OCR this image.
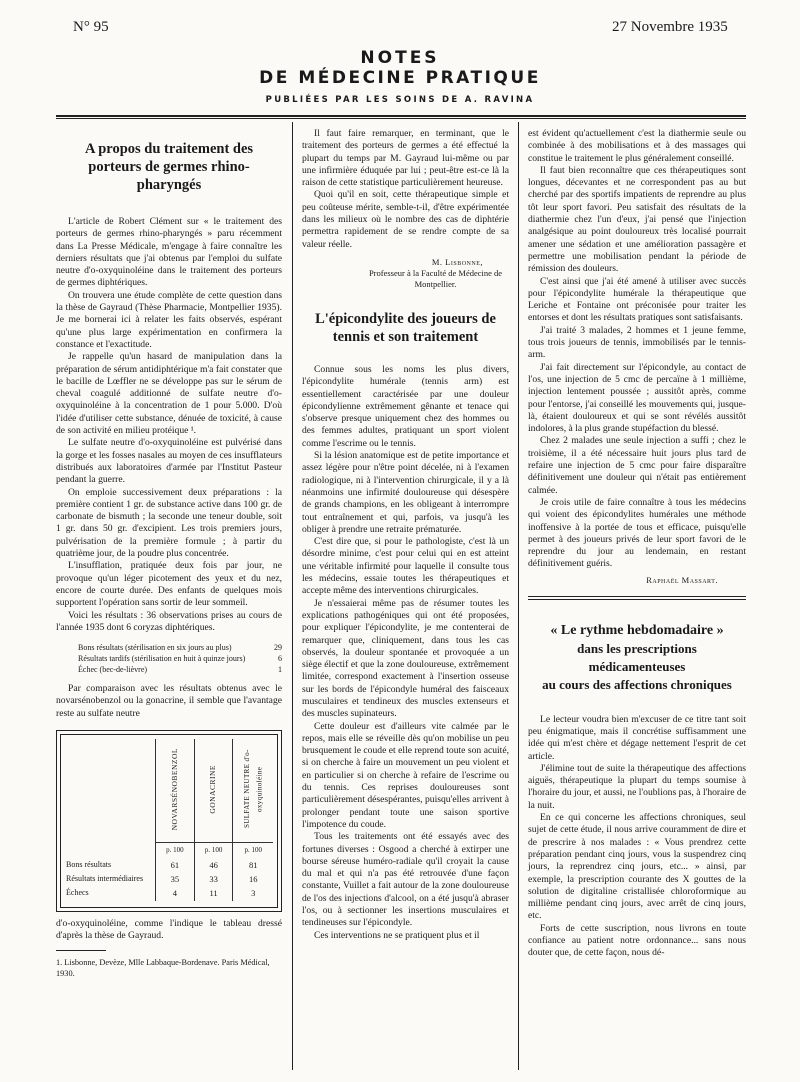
N° 95	27 Novembre 1935
NOTES
DE MÉDECINE PRATIQUE
PUBLIÉES PAR LES SOINS DE A. RAVINA
A propos du traitement des porteurs de germes rhino-pharyngés

L'article de Robert Clément sur « le traitement des porteurs de germes rhino-pharyngés » paru récemment dans La Presse Médicale, m'engage à faire connaître les derniers résultats que j'ai obtenus par l'emploi du sulfate neutre d'o-oxyquinoléine dans le traitement des porteurs de germes diphtériques.

On trouvera une étude complète de cette question dans la thèse de Gayraud (Thèse Pharmacie, Montpellier 1935). Je me bornerai ici à relater les faits observés, espérant qu'une plus large expérimentation en confirmera la constance et l'exactitude.

Je rappelle qu'un hasard de manipulation dans la préparation de sérum antidiphtérique m'a fait constater que le bacille de Lœffler ne se développe pas sur le sérum de cheval coagulé additionné de sulfate neutre d'o-oxyquinoléine à la concentration de 1 pour 5.000. D'où l'idée d'utiliser cette substance, dénuée de toxicité, à cause de son activité en milieu protéique ¹.

Le sulfate neutre d'o-oxyquinoléine est pulvérisé dans la gorge et les fosses nasales au moyen de ces insufflateurs distribués aux laboratoires d'armée par l'Institut Pasteur pendant la guerre.

On emploie successivement deux préparations : la première contient 1 gr. de substance active dans 100 gr. de carbonate de bismuth ; la seconde une teneur double, soit 1 gr. dans 50 gr. d'excipient. Les trois premiers jours, pulvérisation de la première formule ; à partir du quatrième jour, de la poudre plus concentrée.

L'insufflation, pratiquée deux fois par jour, ne provoque qu'un léger picotement des yeux et du nez, encore de courte durée. Des enfants de quelques mois supportent l'opération sans sortir de leur sommeil.

Voici les résultats : 36 observations prises au cours de l'année 1935 dont 6 coryzas diphtériques.

Bons résultats (stérilisation en six jours au plus)	29
Résultats tardifs (stérilisation en huit à quinze jours)	6
Échec (bec-de-lièvre)	1

Par comparaison avec les résultats obtenus avec le novarsénobenzol ou la gonacrine, il semble que l'avantage reste au sulfate neutre

	NOVARSÉNOBENZOL	GONACRINE	SULFATE NEUTRE d'o-oxyquinoléine
	p. 100	p. 100	p. 100
Bons résultats	61	46	81
Résultats intermédiaires	35	33	16
Échecs	4	11	3

d'o-oxyquinoléine, comme l'indique le tableau dressé d'après la thèse de Gayraud.

1. Lisbonne, Devèze, Mlle Labbaque-Bordenave. Paris Médical, 1930.

Il faut faire remarquer, en terminant, que le traitement des porteurs de germes a été effectué la plupart du temps par M. Gayraud lui-même ou par une infirmière éduquée par lui ; peut-être est-ce là la raison de cette statistique particulièrement heureuse.

Quoi qu'il en soit, cette thérapeutique simple et peu coûteuse mérite, semble-t-il, d'être expérimentée dans les milieux où le nombre des cas de diphtérie permettra rapidement de se rendre compte de sa valeur réelle.

M. Lisbonne,

Professeur à la Faculté de Médecine de Montpellier.

L'épicondylite des joueurs de tennis et son traitement

Connue sous les noms les plus divers, l'épicondylite humérale (tennis arm) est essentiellement caractérisée par une douleur épicondylienne extrêmement gênante et tenace qui s'observe presque uniquement chez des hommes ou des femmes adultes, pratiquant un sport violent comme l'escrime ou le tennis.

Si la lésion anatomique est de petite importance et assez légère pour n'être point décelée, ni à l'examen radiologique, ni à l'intervention chirurgicale, il y a là néanmoins une infirmité douloureuse qui désespère de grands champions, en les obligeant à interrompre tout entraînement et qui, parfois, va jusqu'à les obliger à prendre une retraite prématurée.

C'est dire que, si pour le pathologiste, c'est là un désordre minime, c'est pour celui qui en est atteint une véritable infirmité pour laquelle il consulte tous les médecins, essaie toutes les thérapeutiques et accepte même des interventions chirurgicales.

Je n'essaierai même pas de résumer toutes les explications pathogéniques qui ont été proposées, pour expliquer l'épicondylite, je me contenterai de remarquer que, cliniquement, dans tous les cas observés, la douleur spontanée et provoquée a un siège électif et que la zone douloureuse, extrêmement limitée, correspond exactement à l'insertion osseuse sur les bords de l'épicondyle huméral des faisceaux musculaires et tendineux des muscles extenseurs et des muscles supinateurs.

Cette douleur est d'ailleurs vite calmée par le repos, mais elle se réveille dès qu'on mobilise un peu brusquement le coude et elle reprend toute son acuité, si on cherche à faire un mouvement un peu violent et en particulier si on cherche à refaire de l'escrime ou du tennis. Ces reprises douloureuses sont particulièrement désespérantes, puisqu'elles arrivent à prolonger pendant toute une saison sportive l'impotence du coude.

Tous les traitements ont été essayés avec des fortunes diverses : Osgood a cherché à extirper une bourse séreuse huméro-radiale qu'il croyait la cause du mal et qui n'a pas été retrouvée d'une façon constante, Vuillet a fait autour de la zone douloureuse de l'os des injections d'alcool, on a été jusqu'à abraser l'os, ou à sectionner les insertions musculaires et tendineuses sur l'épicondyle.

Ces interventions ne se pratiquent plus et il

est évident qu'actuellement c'est la diathermie seule ou combinée à des mobilisations et à des massages qui constitue le traitement le plus généralement conseillé.

Il faut bien reconnaître que ces thérapeutiques sont longues, décevantes et ne correspondent pas au but cherché par des sportifs impatients de reprendre au plus tôt leur sport favori. Peu satisfait des résultats de la diathermie chez l'un d'eux, j'ai pensé que l'injection analgésique au point douloureux très localisé pourrait amener une sédation et une amélioration passagère et permettre une mobilisation pendant la période de rémission des douleurs.

C'est ainsi que j'ai été amené à utiliser avec succès pour l'épicondylite humérale la thérapeutique que Leriche et Fontaine ont préconisée pour traiter les entorses et dont les résultats pratiques sont satisfaisants.

J'ai traité 3 malades, 2 hommes et 1 jeune femme, tous trois joueurs de tennis, immobilisés par le tennis-arm.

J'ai fait directement sur l'épicondyle, au contact de l'os, une injection de 5 cmc de percaïne à 1 millième, injection lentement poussée ; aussitôt après, comme pour l'entorse, j'ai conseillé les mouvements qui, jusque-là, étaient douloureux et qui se sont révélés aussitôt indolores, à la plus grande stupéfaction du blessé.

Chez 2 malades une seule injection a suffi ; chez le troisième, il a été nécessaire huit jours plus tard de refaire une injection de 5 cmc pour faire disparaître définitivement une douleur qui n'était pas entièrement calmée.

Je crois utile de faire connaître à tous les médecins qui voient des épicondylites humérales une méthode inoffensive à la portée de tous et efficace, puisqu'elle permet à des joueurs privés de leur sport favori de le reprendre du jour au lendemain, en restant définitivement guéris.

Raphaël Massart.

« Le rythme hebdomadaire »
dans les prescriptions médicamenteuses
au cours des affections chroniques

Le lecteur voudra bien m'excuser de ce titre tant soit peu énigmatique, mais il concrétise suffisamment une idée qui m'est chère et dégage nettement l'esprit de cet article.

J'élimine tout de suite la thérapeutique des affections aiguës, thérapeutique la plupart du temps soumise à l'horaire du jour, et aussi, ne l'oublions pas, à l'horaire de la nuit.

En ce qui concerne les affections chroniques, seul sujet de cette étude, il nous arrive couramment de dire et de prescrire à nos malades : « Vous prendrez cette préparation pendant cinq jours, vous la suspendrez cinq jours, la reprendrez cinq jours, etc... » ainsi, par exemple, la prescription courante des X gouttes de la solution de digitaline cristallisée chloroformique au millième pendant cinq jours, avec arrêt de cinq jours, etc.

Forts de cette suscription, nous livrons en toute confiance au patient notre ordonnance... sans nous douter que, de cette façon, nous dé-
